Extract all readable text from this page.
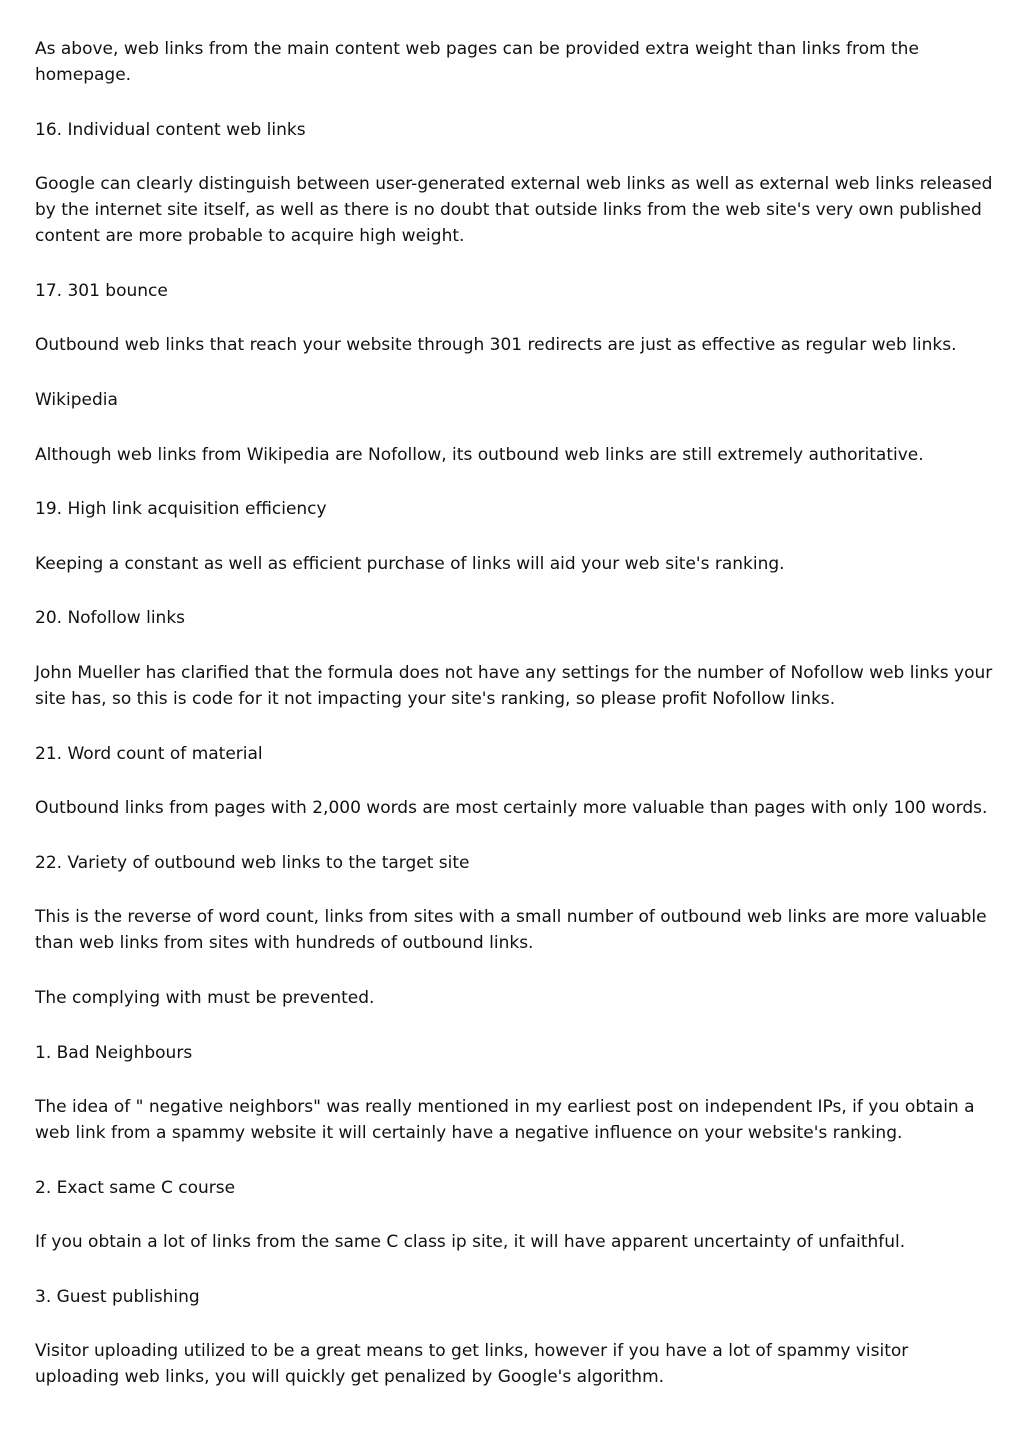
As above, web links from the main content web pages can be provided extra weight than links from the homepage.

16. Individual content web links

Google can clearly distinguish between user-generated external web links as well as external web links released by the internet site itself, as well as there is no doubt that outside links from the web site's very own published content are more probable to acquire high weight.

17. 301 bounce

Outbound web links that reach your website through 301 redirects are just as effective as regular web links.

Wikipedia

Although web links from Wikipedia are Nofollow, its outbound web links are still extremely authoritative.

19. High link acquisition efficiency

Keeping a constant as well as efficient purchase of links will aid your web site's ranking.

20. Nofollow links

John Mueller has clarified that the formula does not have any settings for the number of Nofollow web links your site has, so this is code for it not impacting your site's ranking, so please profit Nofollow links.

21. Word count of material

Outbound links from pages with 2,000 words are most certainly more valuable than pages with only 100 words.

22. Variety of outbound web links to the target site

This is the reverse of word count, links from sites with a small number of outbound web links are more valuable than web links from sites with hundreds of outbound links.

The complying with must be prevented.

1. Bad Neighbours

The idea of " negative neighbors" was really mentioned in my earliest post on independent IPs, if you obtain a web link from a spammy website it will certainly have a negative influence on your website's ranking.

2. Exact same C course

If you obtain a lot of links from the same C class ip site, it will have apparent uncertainty of unfaithful.

3. Guest publishing

Visitor uploading utilized to be a great means to get links, however if you have a lot of spammy visitor uploading web links, you will quickly get penalized by Google's algorithm.
